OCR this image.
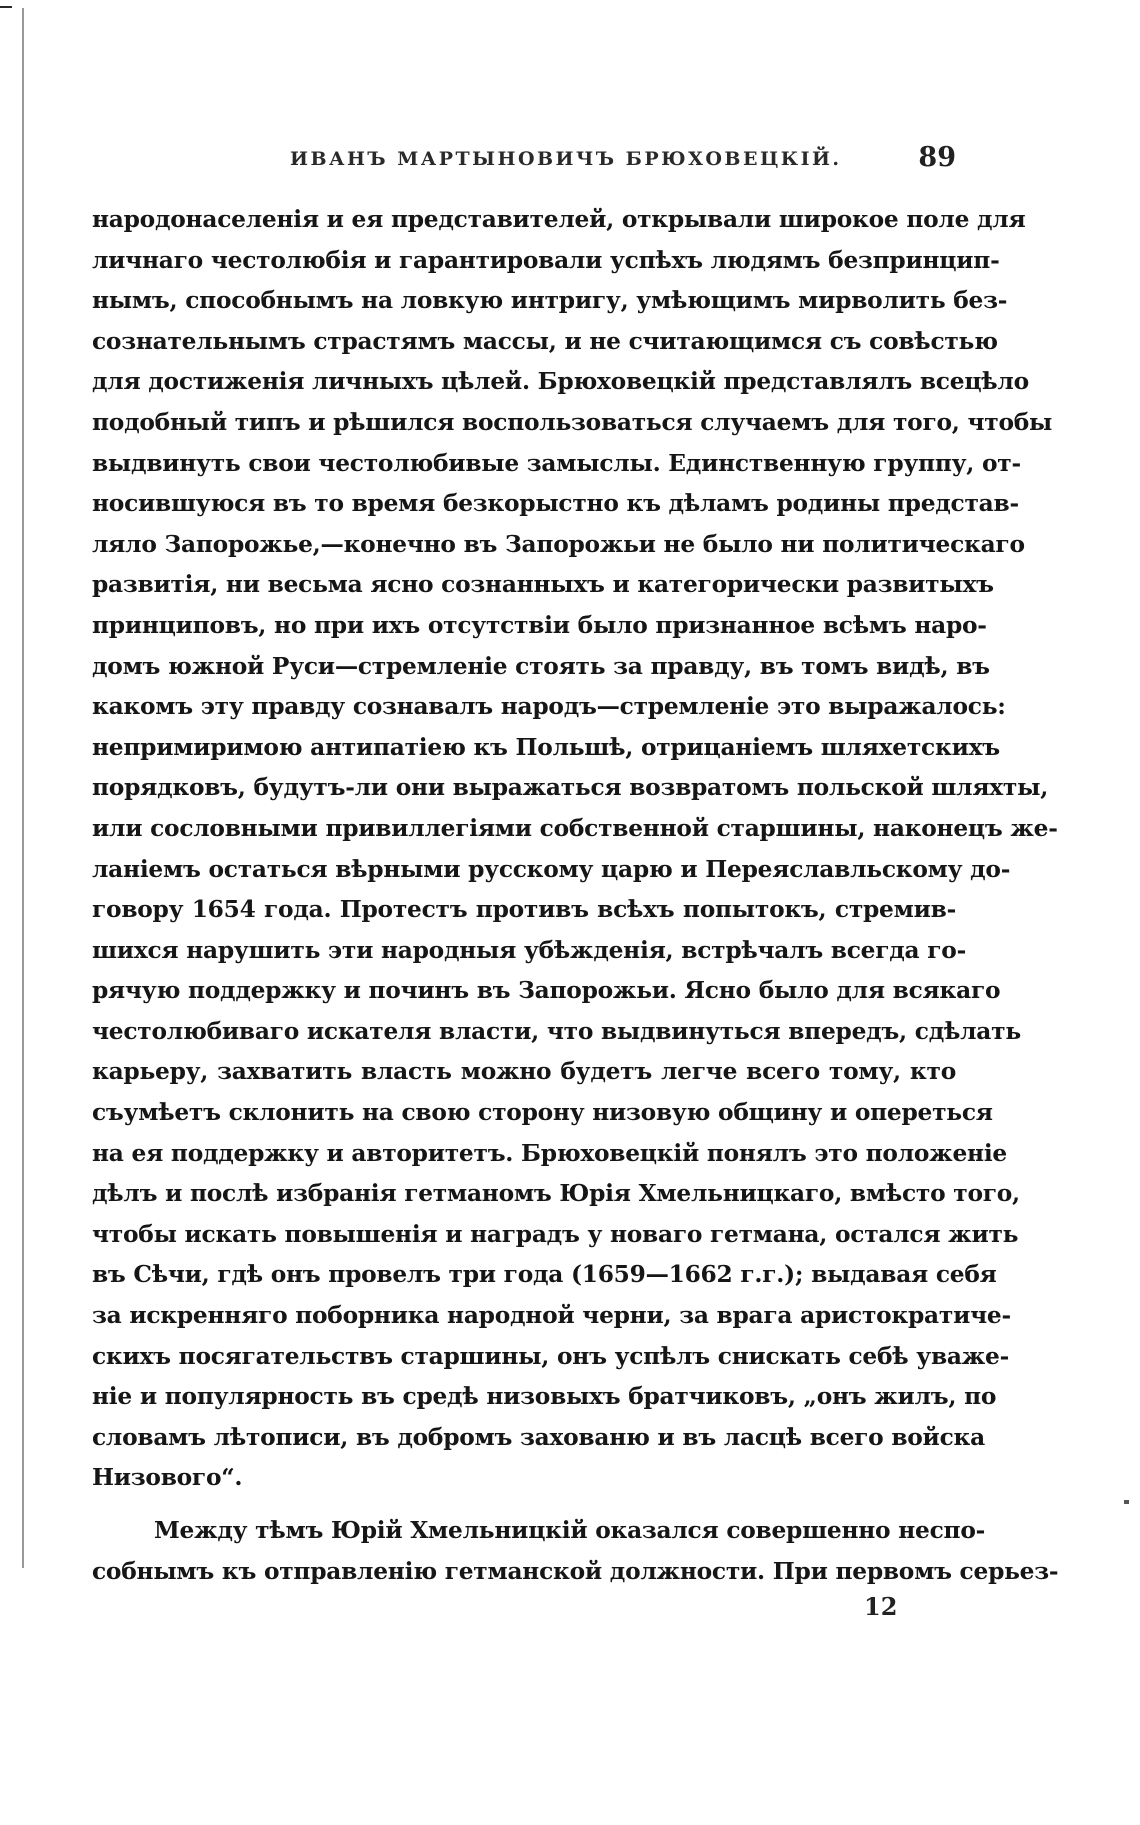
ИВАНЪ МАРТЫНОВИЧЪ БРЮХОВЕЦКІЙ.	89
народонаселенія и ея представителей, открывали широкое поле для
личнаго честолюбія и гарантировали успѣхъ людямъ безпринцип-
нымъ, способнымъ на ловкую интригу, умѣющимъ мирволить без-
сознательнымъ страстямъ массы, и не считающимся съ совѣстью
для достиженія личныхъ цѣлей. Брюховецкій представлялъ всецѣло
подобный типъ и рѣшился воспользоваться случаемъ для того, чтобы
выдвинуть свои честолюбивые замыслы. Единственную группу, от-
носившуюся въ то время безкорыстно къ дѣламъ родины представ-
ляло Запорожье,—конечно въ Запорожьи не было ни политическаго
развитія, ни весьма ясно сознанныхъ и категорически развитыхъ
принциповъ, но при ихъ отсутствіи было признанное всѣмъ наро-
домъ южной Руси—стремленіе стоять за правду, въ томъ видѣ, въ
какомъ эту правду сознавалъ народъ—стремленіе это выражалось:
непримиримою антипатіею къ Польшѣ, отрицаніемъ шляхетскихъ
порядковъ, будутъ-ли они выражаться возвратомъ польской шляхты,
или сословными привиллегіями собственной старшины, наконецъ же-
ланіемъ остаться вѣрными русскому царю и Переяславльскому до-
говору 1654 года. Протестъ противъ всѣхъ попытокъ, стремив-
шихся нарушить эти народныя убѣжденія, встрѣчалъ всегда го-
рячую поддержку и починъ въ Запорожьи. Ясно было для всякаго
честолюбиваго искателя власти, что выдвинуться впередъ, сдѣлать
карьеру, захватить власть можно будетъ легче всего тому, кто
съумѣетъ склонить на свою сторону низовую общину и опереться
на ея поддержку и авторитетъ. Брюховецкій понялъ это положеніе
дѣлъ и послѣ избранія гетманомъ Юрія Хмельницкаго, вмѣсто того,
чтобы искать повышенія и наградъ у новаго гетмана, остался жить
въ Сѣчи, гдѣ онъ провелъ три года (1659—1662 г.г.); выдавая себя
за искренняго поборника народной черни, за врага аристократиче-
скихъ посягательствъ старшины, онъ успѣлъ снискать себѣ уваже-
ніе и популярность въ средѣ низовыхъ братчиковъ, „онъ жилъ, по
словамъ лѣтописи, въ добромъ захованю и въ ласцѣ всего войска
Низового“.
Между тѣмъ Юрій Хмельницкій оказался совершенно неспо-
собнымъ къ отправленію гетманской должности. При первомъ серьез-
12
